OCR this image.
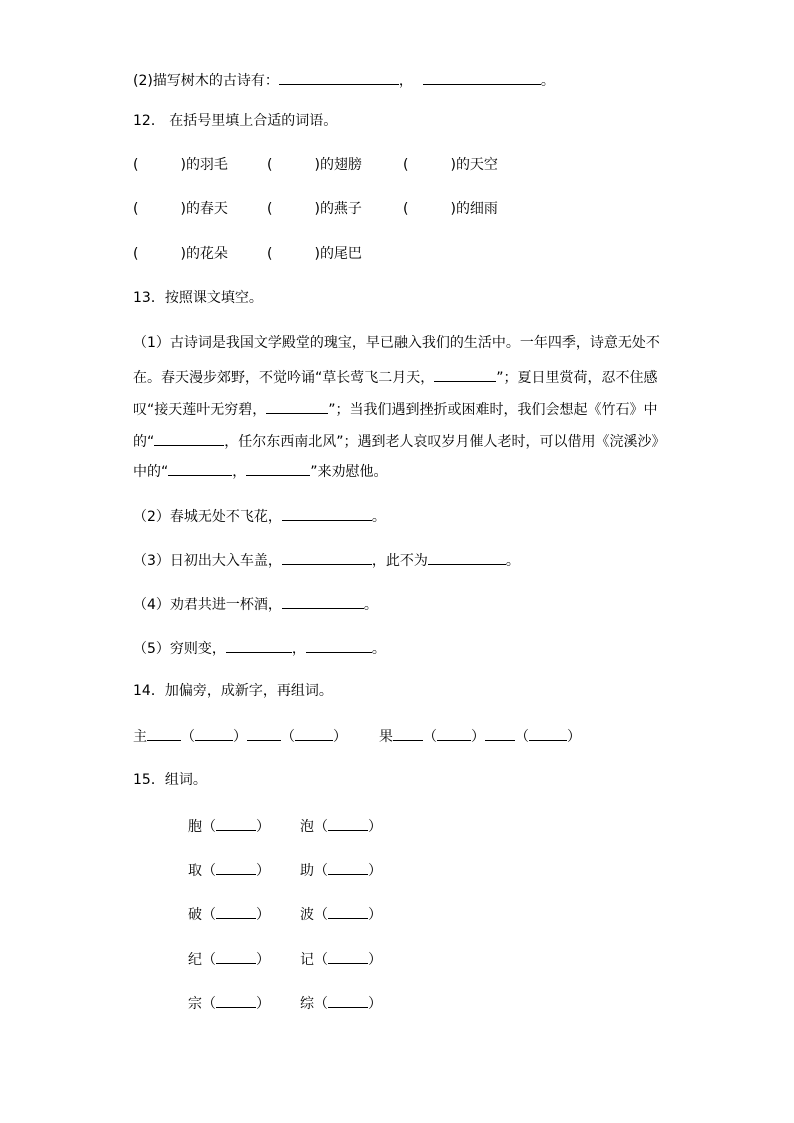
(2)描写树木的古诗有：	，	。
12． 在括号里填上合适的词语。
(	)的羽毛	(	)的翅膀	(	)的天空
(	)的春天	(	)的燕子	(	)的细雨
(	)的花朵	(	)的尾巴
13．按照课文填空。
（1）古诗词是我国文学殿堂的瑰宝，早已融入我们的生活中。一年四季，诗意无处不
在。春天漫步郊野，不觉吟诵“草长莺飞二月天，	”；夏日里赏荷，忍不住感
叹“接天莲叶无穷碧，	”；当我们遇到挫折或困难时，我们会想起《竹石》中
的“	，任尔东西南北风”；遇到老人哀叹岁月催人老时，可以借用《浣溪沙》
中的“	，	”来劝慰他。
（2）春城无处不飞花，	。
（3）日初出大入车盖，	，此不为	。
（4）劝君共进一杯酒，	。
（5）穷则变，	，	。
14．加偏旁，成新字，再组词。
主 （	） （	） 果 （ ） （	）
15．组词。
胞（	） 泡（	）
取（	） 助（	）
破（	） 波（	）
纪（	） 记（	）
宗（	） 综（	）
